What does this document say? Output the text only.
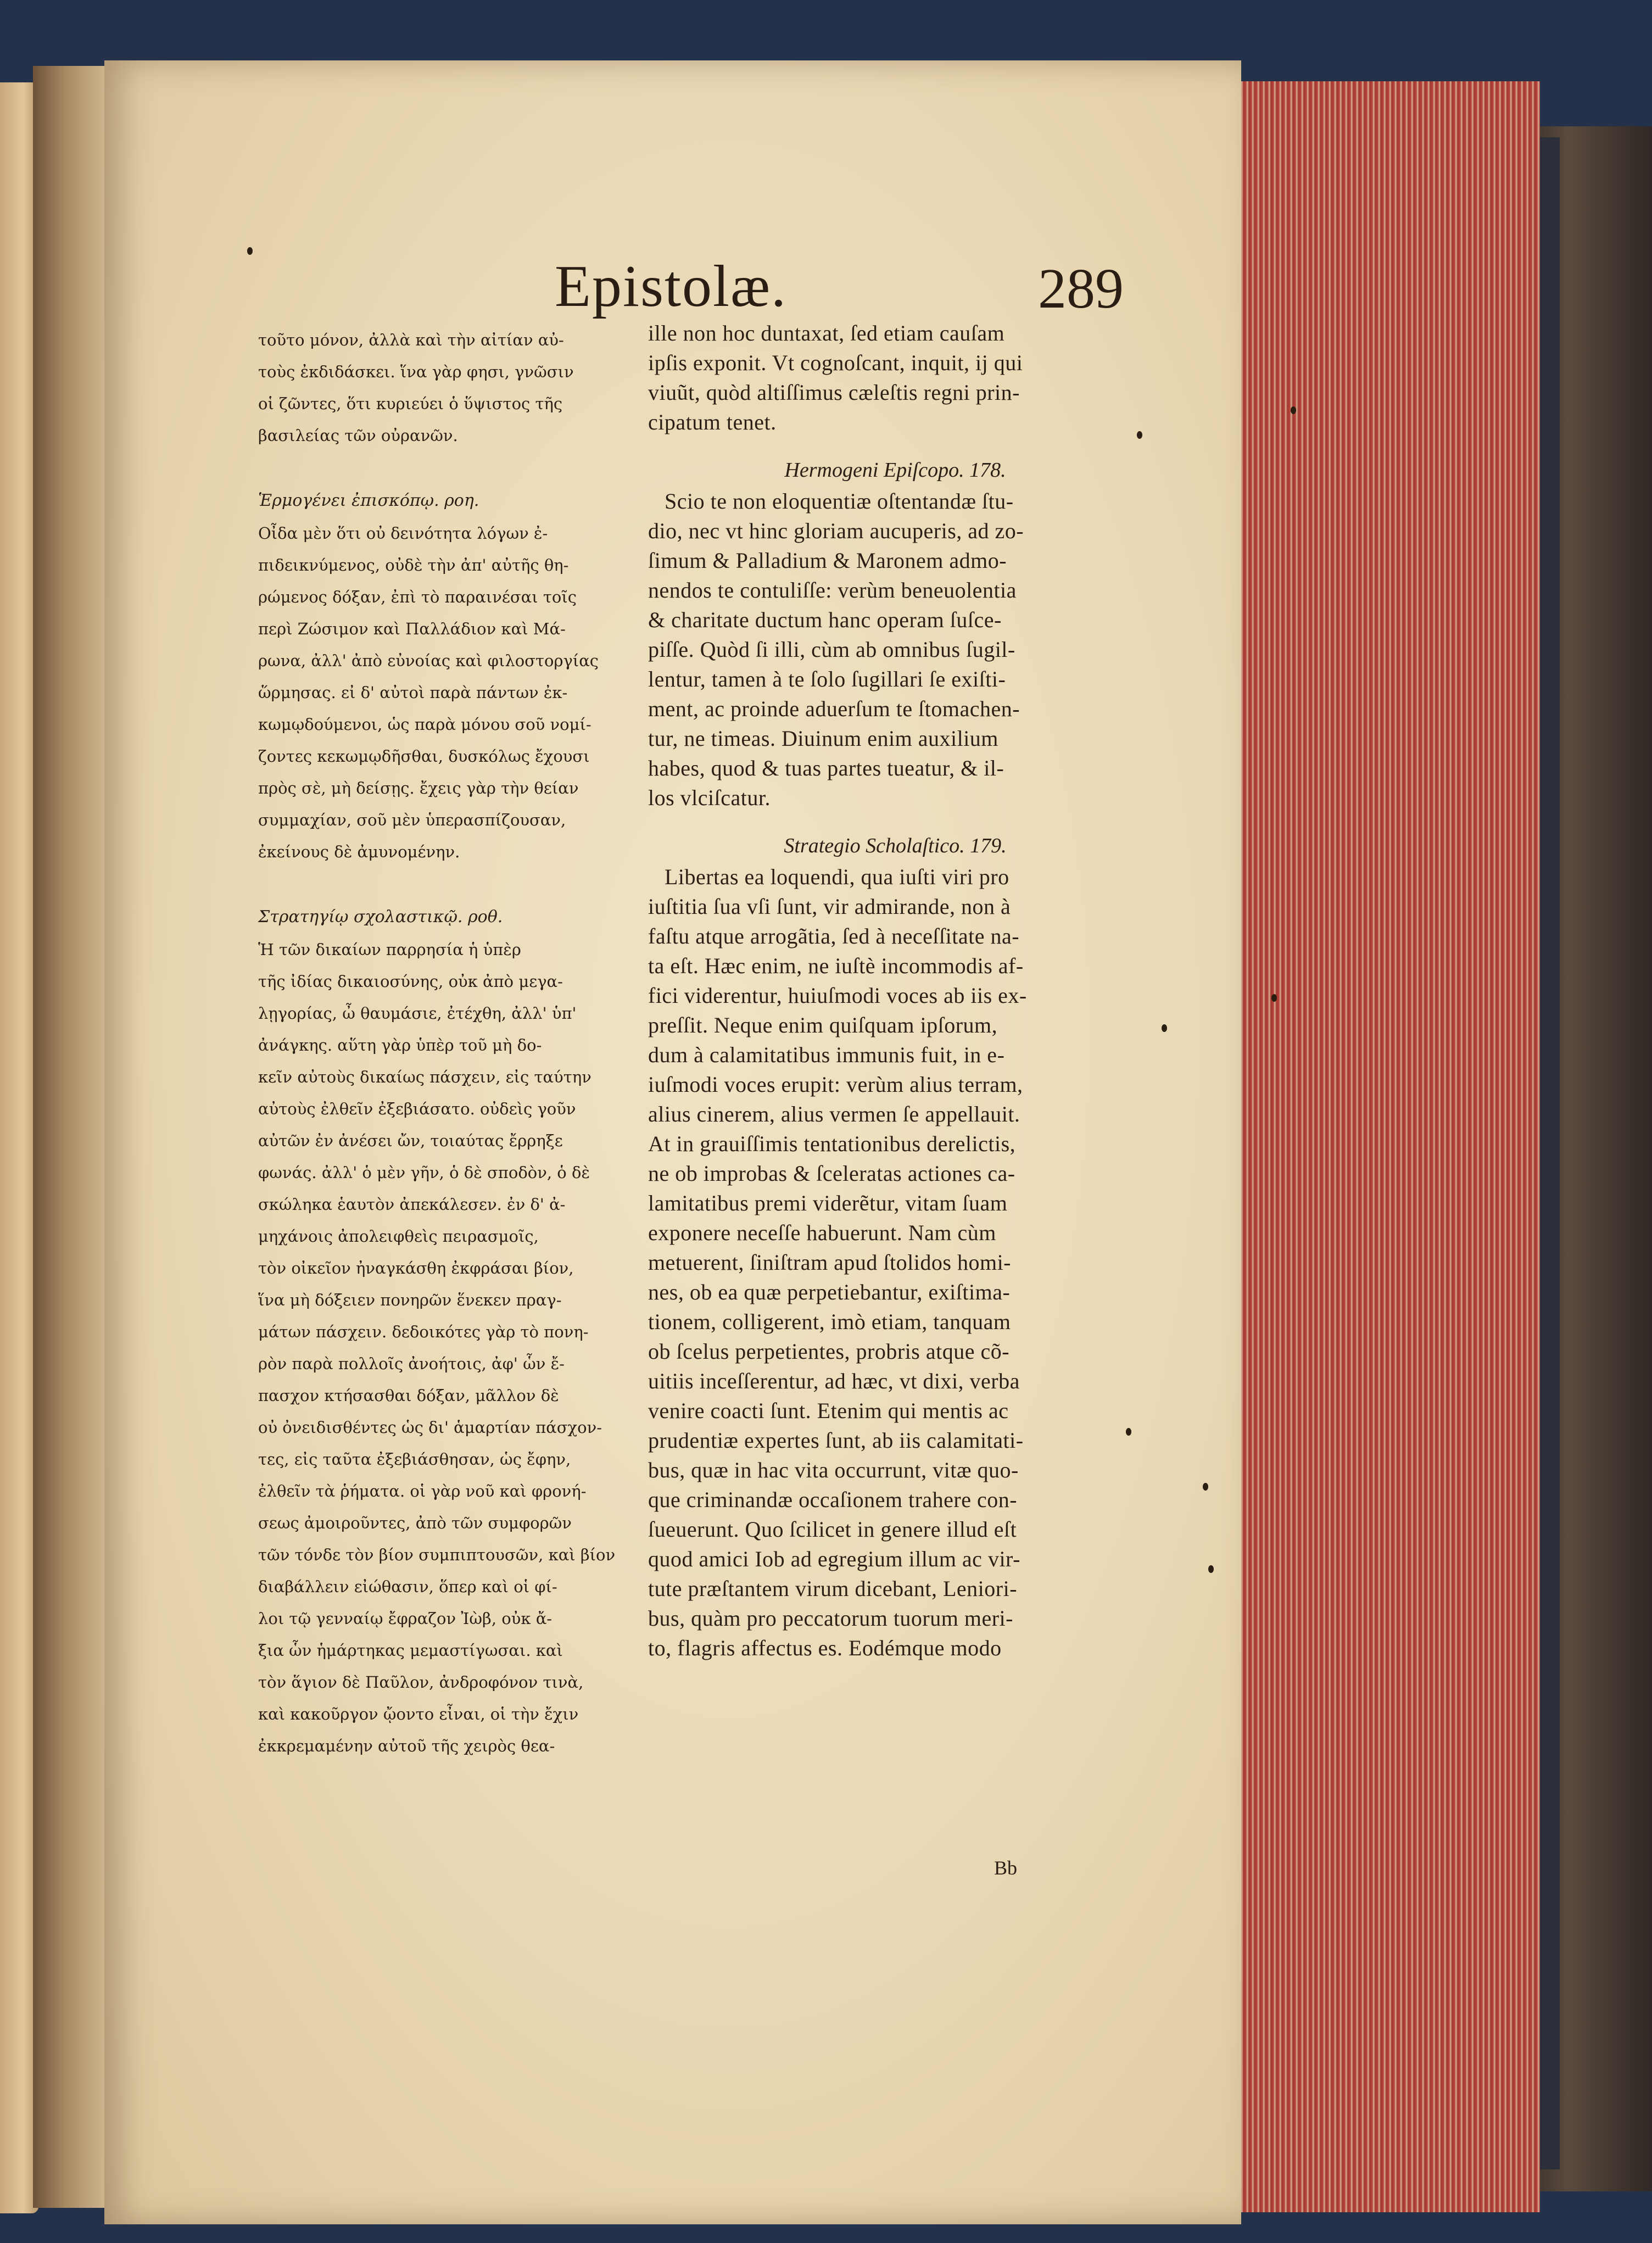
Epistolæ.	289

τοῦτο μόνον, ἀλλὰ καὶ τὴν αἰτίαν αὐ-

τοὺς ἐκδιδάσκει. ἵνα γὰρ φησι, γνῶσιν

οἱ ζῶντες, ὅτι κυριεύει ὁ ὕψιστος τῆς

βασιλείας τῶν οὐρανῶν.

Ἑρμογένει ἐπισκόπῳ. ροη.

Οἶδα μὲν ὅτι οὐ δεινότητα λόγων ἐ-

πιδεικνύμενος, οὐδὲ τὴν ἀπ' αὐτῆς θη-

ρώμενος δόξαν, ἐπὶ τὸ παραινέσαι τοῖς

περὶ Ζώσιμον καὶ Παλλάδιον καὶ Μά-

ρωνα, ἀλλ' ἀπὸ εὐνοίας καὶ φιλοστοργίας

ὥρμησας. εἰ δ' αὐτοὶ παρὰ πάντων ἐκ-

κωμῳδούμενοι, ὡς παρὰ μόνου σοῦ νομί-

ζοντες κεκωμῳδῆσθαι, δυσκόλως ἔχουσι

πρὸς σὲ, μὴ δείσῃς. ἔχεις γὰρ τὴν θείαν

συμμαχίαν, σοῦ μὲν ὑπερασπίζουσαν,

ἐκείνους δὲ ἀμυνομένην.

Στρατηγίῳ σχολαστικῷ. ροθ.

Ἡ τῶν δικαίων παρρησία ἡ ὑπὲρ

τῆς ἰδίας δικαιοσύνης, οὐκ ἀπὸ μεγα-

λῃγορίας, ὦ θαυμάσιε, ἐτέχθη, ἀλλ' ὑπ'

ἀνάγκης. αὕτη γὰρ ὑπὲρ τοῦ μὴ δο-

κεῖν αὐτοὺς δικαίως πάσχειν, εἰς ταύτην

αὐτοὺς ἐλθεῖν ἐξεβιάσατο. οὐδεὶς γοῦν

αὐτῶν ἐν ἀνέσει ὤν, τοιαύτας ἔρρηξε

φωνάς. ἀλλ' ὁ μὲν γῆν, ὁ δὲ σποδὸν, ὁ δὲ

σκώληκα ἑαυτὸν ἀπεκάλεσεν. ἐν δ' ἀ-

μηχάνοις ἀπολειφθεὶς πειρασμοῖς,

τὸν οἰκεῖον ἠναγκάσθη ἐκφράσαι βίον,

ἵνα μὴ δόξειεν πονηρῶν ἕνεκεν πραγ-

μάτων πάσχειν. δεδοικότες γὰρ τὸ πονη-

ρὸν παρὰ πολλοῖς ἀνοήτοις, ἀφ' ὧν ἔ-

πασχον κτήσασθαι δόξαν, μᾶλλον δὲ

οὐ ὀνειδισθέντες ὡς δι' ἁμαρτίαν πάσχον-

τες, εἰς ταῦτα ἐξεβιάσθησαν, ὡς ἔφην,

ἐλθεῖν τὰ ῥήματα. οἱ γὰρ νοῦ καὶ φρονή-

σεως ἀμοιροῦντες, ἀπὸ τῶν συμφορῶν

τῶν τόνδε τὸν βίον συμπιπτουσῶν, καὶ βίον

διαβάλλειν εἰώθασιν, ὅπερ καὶ οἱ φί-

λοι τῷ γενναίῳ ἔφραζον Ἰὼβ, οὐκ ἄ-

ξια ὧν ἡμάρτηκας μεμαστίγωσαι. καὶ

τὸν ἅγιον δὲ Παῦλον, ἀνδροφόνον τινὰ,

καὶ κακοῦργον ᾤοντο εἶναι, οἱ τὴν ἔχιν

ἐκκρεμαμένην αὐτοῦ τῆς χειρὸς θεα-

ille non hoc duntaxat, ſed etiam cauſam

ipſis exponit. Vt cognoſcant, inquit, ij qui

viuũt, quòd altiſſimus cæleſtis regni prin-

cipatum tenet.

Hermogeni Epiſcopo. 178.

Scio te non eloquentiæ oſtentandæ ſtu-

dio, nec vt hinc gloriam aucuperis, ad zo-

ſimum & Palladium & Maronem admo-

nendos te contuliſſe: verùm beneuolentia

& charitate ductum hanc operam ſuſce-

piſſe. Quòd ſi illi, cùm ab omnibus ſugil-

lentur, tamen à te ſolo ſugillari ſe exiſti-

ment, ac proinde aduerſum te ſtomachen-

tur, ne timeas. Diuinum enim auxilium

habes, quod & tuas partes tueatur, & il-

los vlciſcatur.

Strategio Scholaſtico. 179.

Libertas ea loquendi, qua iuſti viri pro

iuſtitia ſua vſi ſunt, vir admirande, non à

faſtu atque arrogãtia, ſed à neceſſitate na-

ta eſt. Hæc enim, ne iuſtè incommodis af-

fici viderentur, huiuſmodi voces ab iis ex-

preſſit. Neque enim quiſquam ipſorum,

dum à calamitatibus immunis fuit, in e-

iuſmodi voces erupit: verùm alius terram,

alius cinerem, alius vermen ſe appellauit.

At in grauiſſimis tentationibus derelictis,

ne ob improbas & ſceleratas actiones ca-

lamitatibus premi viderẽtur, vitam ſuam

exponere neceſſe habuerunt. Nam cùm

metuerent, ſiniſtram apud ſtolidos homi-

nes, ob ea quæ perpetiebantur, exiſtima-

tionem, colligerent, imò etiam, tanquam

ob ſcelus perpetientes, probris atque cõ-

uitiis inceſſerentur, ad hæc, vt dixi, verba

venire coacti ſunt. Etenim qui mentis ac

prudentiæ expertes ſunt, ab iis calamitati-

bus, quæ in hac vita occurrunt, vitæ quo-

que criminandæ occaſionem trahere con-

ſueuerunt. Quo ſcilicet in genere illud eſt

quod amici Iob ad egregium illum ac vir-

tute præſtantem virum dicebant, Leniori-

bus, quàm pro peccatorum tuorum meri-

to, flagris affectus es. Eodémque modo

Bb
